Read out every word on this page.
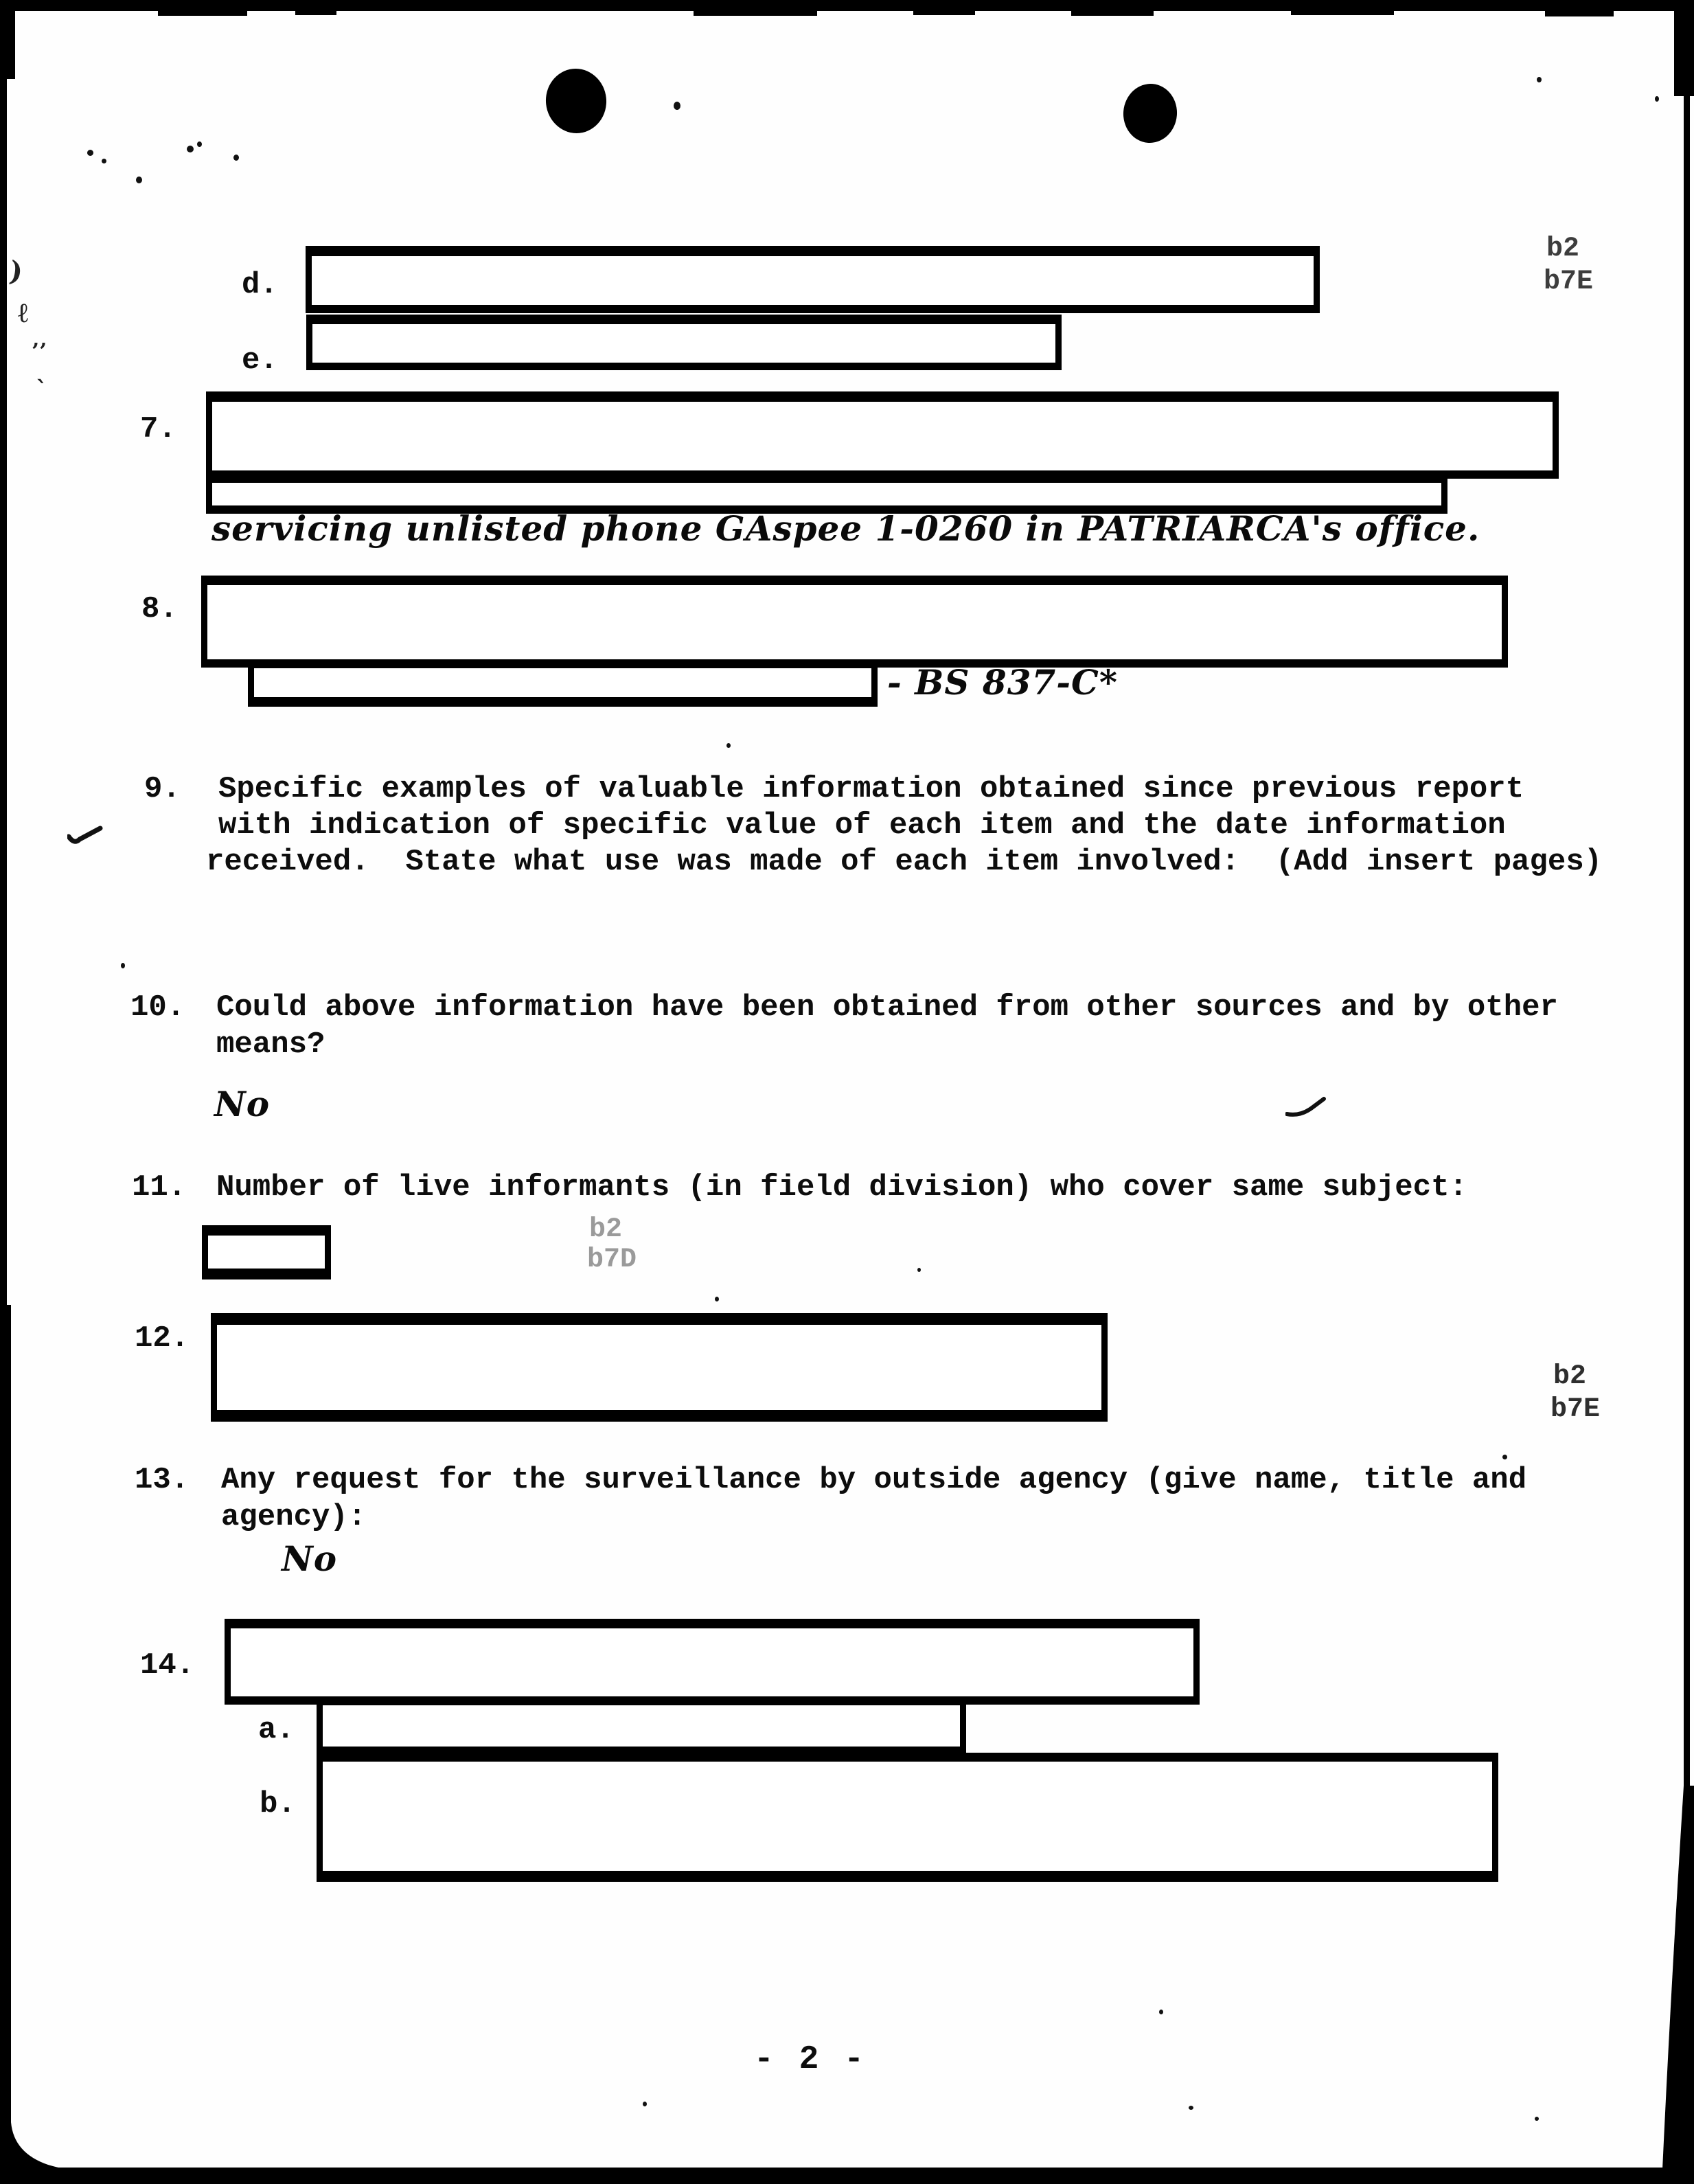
)
ℓ
’’
`
b2
b7E
d.
e.
7.
servicing unlisted phone GAspee 1-0260 in PATRIARCA's office.
8.
- BS 837-C*
9. Specific examples of valuable information obtained since previous report
with indication of specific value of each item and the date information
received.  State what use was made of each item involved:  (Add insert pages)
10. Could above information have been obtained from other sources and by other
means?
No
11. Number of live informants (in field division) who cover same subject:
b2
b7D
12.
b2
b7E
13. Any request for the surveillance by outside agency (give name, title and
agency):
No
14.
a.
b.
- 2 -
